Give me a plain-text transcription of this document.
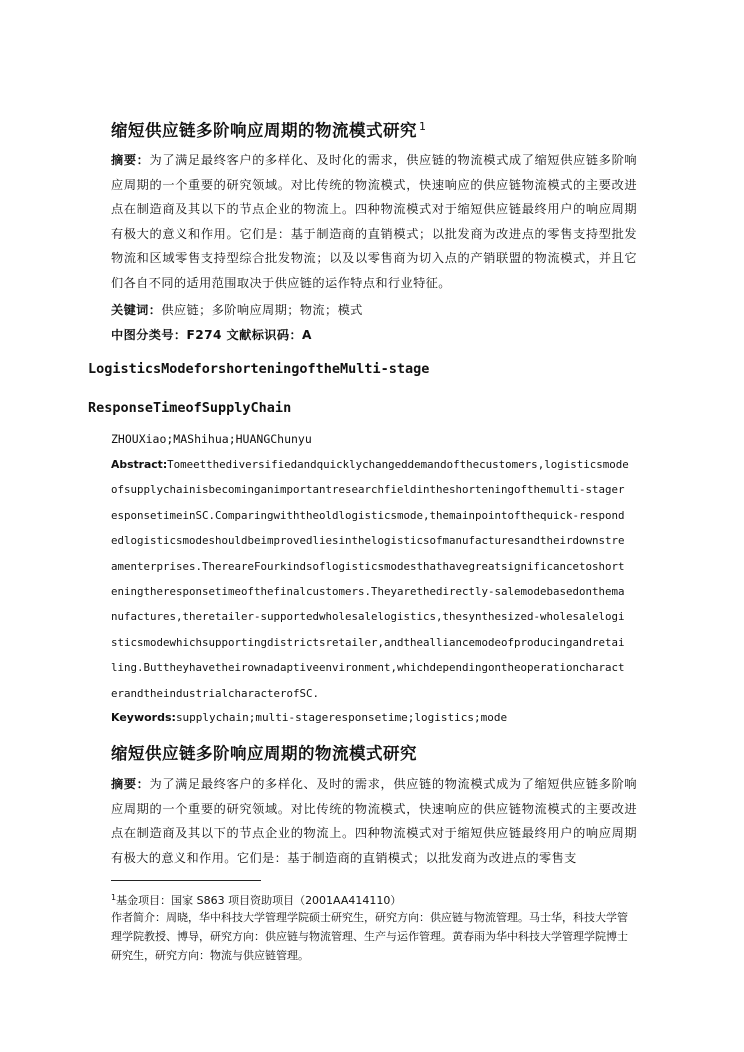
缩短供应链多阶响应周期的物流模式研究 $^1$

摘要：为了满足最终客户的多样化、及时化的需求，供应链的物流模式成了缩短供应链多阶响应周期的一个重要的研究领域。对比传统的物流模式，快速响应的供应链物流模式的主要改进点在制造商及其以下的节点企业的物流上。四种物流模式对于缩短供应链最终用户的响应周期有极大的意义和作用。它们是：基于制造商的直销模式；以批发商为改进点的零售支持型批发物流和区域零售支持型综合批发物流；以及以零售商为切入点的产销联盟的物流模式，并且它们各自不同的适用范围取决于供应链的运作特点和行业特征。

关键词：供应链；多阶响应周期；物流；模式

中图分类号：F274 文献标识码：A

LogisticsModeforshorteningoftheMulti-stage
ResponseTimeofSupplyChain
ZHOUXiao;MAShihua;HUANGChunyu

Abstract:Tomeetthediversifiedandquicklychangeddemandofthecustomers,logisticsmodeofsupplychainisbecominganimportantresearchfieldintheshorteningofthemulti-stageresponsetimeinSC.Comparingwiththeoldlogisticsmode,themainpointofthequick-respondedlogisticsmodeshouldbeimprovedliesinthelogisticsofmanufacturesandtheirdownstreamenterprises.ThereareFourkindsoflogisticsmodesthathavegreatsignificancetoshorteningtheresponsetimeofthefinalcustomers.Theyarethedirectly-salemodebasedonthemanufactures,theretailer-supportedwholesalelogistics,thesynthesized-wholesalelogisticsmodewhichsupportingdistrictsretailer,andthealliancemodeofproducingandretailing.Buttheyhavetheirownadaptiveenvironment,whichdependingontheoperationcharacterandtheindustrialcharacterofSC.

Keywords:supplychain;multi-stageresponsetime;logistics;mode
缩短供应链多阶响应周期的物流模式研究

摘要：为了满足最终客户的多样化、及时的需求，供应链的物流模式成为了缩短供应链多阶响应周期的一个重要的研究领域。对比传统的物流模式，快速响应的供应链物流模式的主要改进点在制造商及其以下的节点企业的物流上。四种物流模式对于缩短供应链最终用户的响应周期有极大的意义和作用。它们是：基于制造商的直销模式；以批发商为改进点的零售支

$^1$基金项目：国家 S863 项目资助项目（2001AA414110）

作者简介：周晓，华中科技大学管理学院硕士研究生，研究方向：供应链与物流管理。马士华，科技大学管理学院教授、博导，研究方向：供应链与物流管理、生产与运作管理。黄春雨为华中科技大学管理学院博士研究生，研究方向：物流与供应链管理。
